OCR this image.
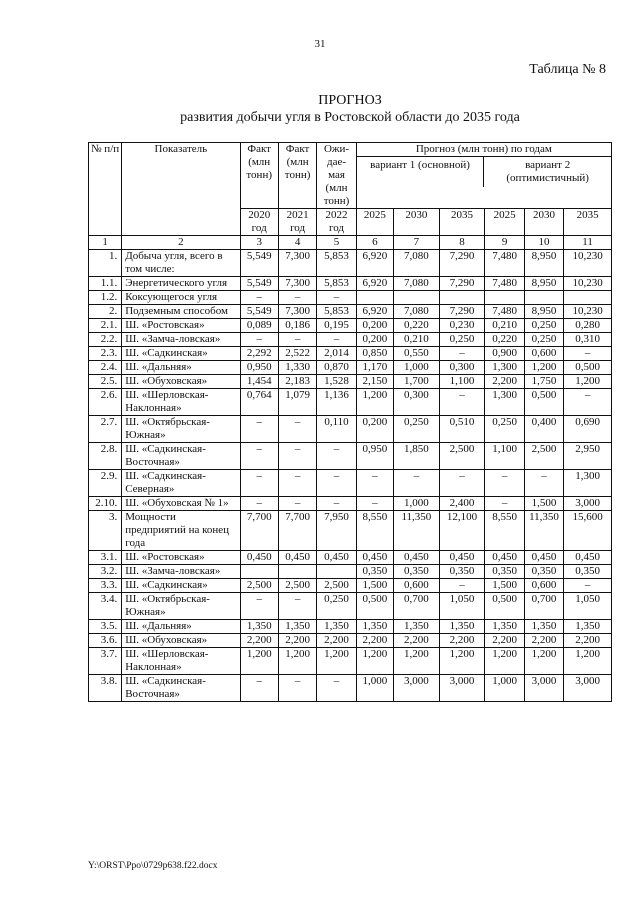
31
Таблица № 8
ПРОГНОЗ
развития добычи угля в Ростовской области до 2035 года
№ п/п	Показатель	Факт (млн тонн)	Факт (млн тонн)	Ожи-дае-мая (млн тонн)	Прогноз (млн тонн) по годам
вариант 1 (основной) вариант 2 (оптимистичный)					

		2020 год	2021 год	2022 год	2025	2030	2035	2025	2030	2035
1	2	3	4	5	6	7	8	9	10	11
1.	Добыча угля, всего в том числе:	5,549	7,300	5,853	6,920	7,080	7,290	7,480	8,950	10,230
1.1.	Энергетического угля	5,549	7,300	5,853	6,920	7,080	7,290	7,480	8,950	10,230
1.2.	Коксующегося угля	–	–	–						
2.	Подземным способом	5,549	7,300	5,853	6,920	7,080	7,290	7,480	8,950	10,230
2.1.	Ш. «Ростовская»	0,089	0,186	0,195	0,200	0,220	0,230	0,210	0,250	0,280
2.2.	Ш. «Замча-ловская»	–	–	–	0,200	0,210	0,250	0,220	0,250	0,310
2.3.	Ш. «Садкинская»	2,292	2,522	2,014	0,850	0,550	–	0,900	0,600	–
2.4.	Ш. «Дальняя»	0,950	1,330	0,870	1,170	1,000	0,300	1,300	1,200	0,500
2.5.	Ш. «Обуховская»	1,454	2,183	1,528	2,150	1,700	1,100	2,200	1,750	1,200
2.6.	Ш. «Шерловская-Наклонная»	0,764	1,079	1,136	1,200	0,300	–	1,300	0,500	–
2.7.	Ш. «Октябрьская-Южная»	–	–	0,110	0,200	0,250	0,510	0,250	0,400	0,690
2.8.	Ш. «Садкинская-Восточная»	–	–	–	0,950	1,850	2,500	1,100	2,500	2,950
2.9.	Ш. «Садкинская-Северная»	–	–	–	–	–	–	–	–	1,300
2.10.	Ш. «Обуховская № 1»	–	–	–	–	1,000	2,400	–	1,500	3,000
3.	Мощности предприятий на конец года	7,700	7,700	7,950	8,550	11,350	12,100	8,550	11,350	15,600
3.1.	Ш. «Ростовская»	0,450	0,450	0,450	0,450	0,450	0,450	0,450	0,450	0,450
3.2.	Ш. «Замча-ловская»				0,350	0,350	0,350	0,350	0,350	0,350
3.3.	Ш. «Садкинская»	2,500	2,500	2,500	1,500	0,600	–	1,500	0,600	–
3.4.	Ш. «Октябрьская-Южная»	–	–	0,250	0,500	0,700	1,050	0,500	0,700	1,050
3.5.	Ш. «Дальняя»	1,350	1,350	1,350	1,350	1,350	1,350	1,350	1,350	1,350
3.6.	Ш. «Обуховская»	2,200	2,200	2,200	2,200	2,200	2,200	2,200	2,200	2,200
3.7.	Ш. «Шерловская-Наклонная»	1,200	1,200	1,200	1,200	1,200	1,200	1,200	1,200	1,200
3.8.	Ш. «Садкинская-Восточная»	–	–	–	1,000	3,000	3,000	1,000	3,000	3,000
Y:\ORST\Ppo\0729p638.f22.docx
